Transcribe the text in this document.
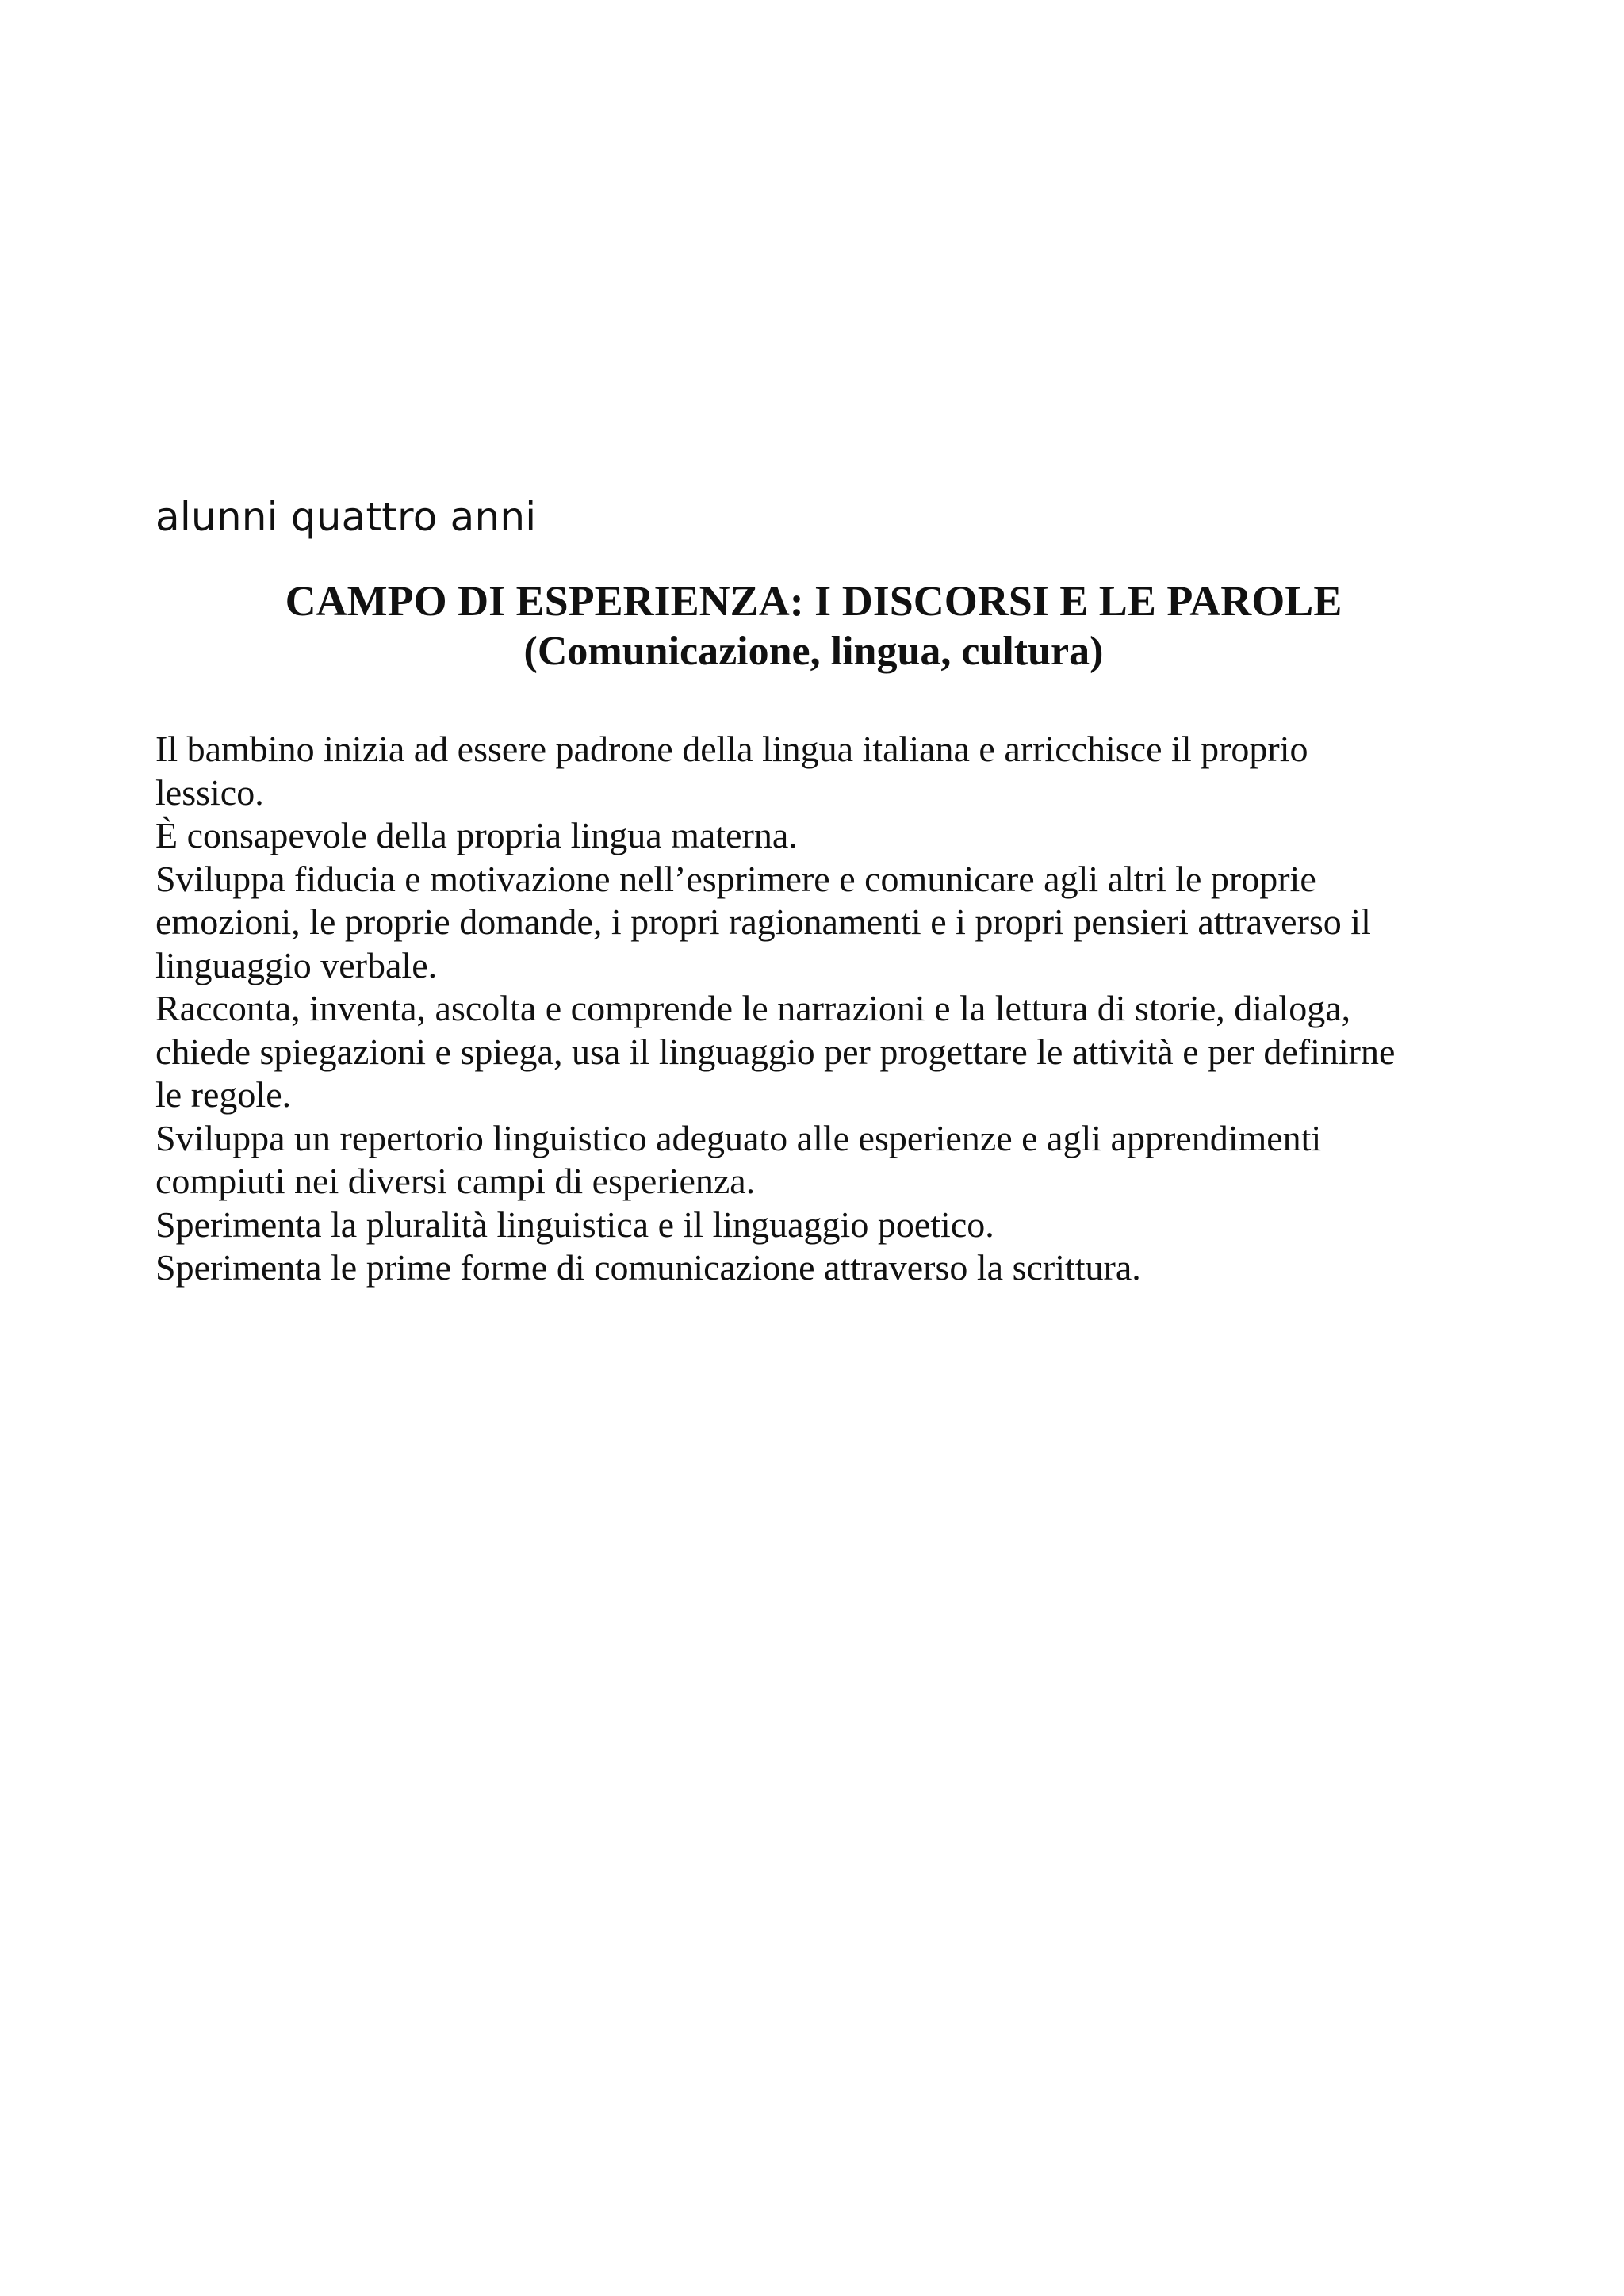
alunni quattro anni
CAMPO DI ESPERIENZA: I DISCORSI E LE PAROLE
(Comunicazione, lingua, cultura)
Il bambino inizia ad essere padrone della lingua italiana e arricchisce il proprio
lessico.
È consapevole della propria lingua materna.
Sviluppa fiducia e motivazione nell’esprimere e comunicare agli altri le proprie
emozioni, le proprie domande, i propri ragionamenti e i propri pensieri attraverso il
linguaggio verbale.
Racconta, inventa, ascolta e comprende le narrazioni e la lettura di storie, dialoga,
chiede spiegazioni e spiega, usa il linguaggio per progettare le attività e per definirne
le regole.
Sviluppa un repertorio linguistico adeguato alle esperienze e agli apprendimenti
compiuti nei diversi campi di esperienza.
Sperimenta la pluralità linguistica e il linguaggio poetico.
Sperimenta le prime forme di comunicazione attraverso la scrittura.
